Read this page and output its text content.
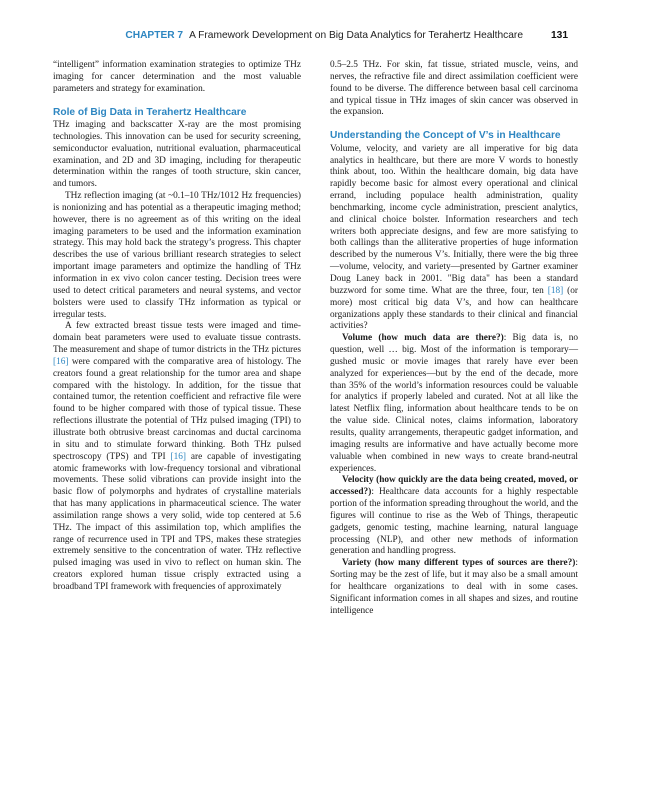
CHAPTER 7 A Framework Development on Big Data Analytics for Terahertz Healthcare	131

“intelligent” information examination strategies to optimize THz imaging for cancer determination and the most valuable parameters and strategy for examination.

Role of Big Data in Terahertz Healthcare

THz imaging and backscatter X-ray are the most promising technologies. This innovation can be used for security screening, semiconductor evaluation, nutritional evaluation, pharmaceutical examination, and 2D and 3D imaging, including for therapeutic determination within the ranges of tooth structure, skin cancer, and tumors.

THz reflection imaging (at ~0.1–10 THz/1012 Hz frequencies) is nonionizing and has potential as a therapeutic imaging method; however, there is no agreement as of this writing on the ideal imaging parameters to be used and the information examination strategy. This may hold back the strategy’s progress. This chapter describes the use of various brilliant research strategies to select important image parameters and optimize the handling of THz information in ex vivo colon cancer testing. Decision trees were used to detect critical parameters and neural systems, and vector bolsters were used to classify THz information as typical or irregular tests.

A few extracted breast tissue tests were imaged and time-domain beat parameters were used to evaluate tissue contrasts. The measurement and shape of tumor districts in the THz pictures [16] were compared with the comparative area of histology. The creators found a great relationship for the tumor area and shape compared with the histology. In addition, for the tissue that contained tumor, the retention coefficient and refractive file were found to be higher compared with those of typical tissue. These reflections illustrate the potential of THz pulsed imaging (TPI) to illustrate both obtrusive breast carcinomas and ductal carcinoma in situ and to stimulate forward thinking. Both THz pulsed spectroscopy (TPS) and TPI [16] are capable of investigating atomic frameworks with low-frequency torsional and vibrational movements. These solid vibrations can provide insight into the basic flow of polymorphs and hydrates of crystalline materials that has many applications in pharmaceutical science. The water assimilation range shows a very solid, wide top centered at 5.6 THz. The impact of this assimilation top, which amplifies the range of recurrence used in TPI and TPS, makes these strategies extremely sensitive to the concentration of water. THz reflective pulsed imaging was used in vivo to reflect on human skin. The creators explored human tissue crisply extracted using a broadband TPI framework with frequencies of approximately

0.5–2.5 THz. For skin, fat tissue, striated muscle, veins, and nerves, the refractive file and direct assimilation coefficient were found to be diverse. The difference between basal cell carcinoma and typical tissue in THz images of skin cancer was observed in the expansion.

Understanding the Concept of V’s in Healthcare

Volume, velocity, and variety are all imperative for big data analytics in healthcare, but there are more V words to honestly think about, too. Within the healthcare domain, big data have rapidly become basic for almost every operational and clinical errand, including populace health administration, quality benchmarking, income cycle administration, prescient analytics, and clinical choice bolster. Information researchers and tech writers both appreciate designs, and few are more satisfying to both callings than the alliterative properties of huge information described by the numerous V’s. Initially, there were the big three—volume, velocity, and variety—presented by Gartner examiner Doug Laney back in 2001. "Big data" has been a standard buzzword for some time. What are the three, four, ten [18] (or more) most critical big data V’s, and how can healthcare organizations apply these standards to their clinical and financial activities?

Volume (how much data are there?): Big data is, no question, well … big. Most of the information is temporary—gushed music or movie images that rarely have ever been analyzed for experiences—but by the end of the decade, more than 35% of the world’s information resources could be valuable for analytics if properly labeled and curated. Not at all like the latest Netflix fling, information about healthcare tends to be on the value side. Clinical notes, claims information, laboratory results, quality arrangements, therapeutic gadget information, and imaging results are informative and have actually become more valuable when combined in new ways to create brand-neutral experiences.

Velocity (how quickly are the data being created, moved, or accessed?): Healthcare data accounts for a highly respectable portion of the information spreading throughout the world, and the figures will continue to rise as the Web of Things, therapeutic gadgets, genomic testing, machine learning, natural language processing (NLP), and other new methods of information generation and handling progress.

Variety (how many different types of sources are there?): Sorting may be the zest of life, but it may also be a small amount for healthcare organizations to deal with in some cases. Significant information comes in all shapes and sizes, and routine intelligence
